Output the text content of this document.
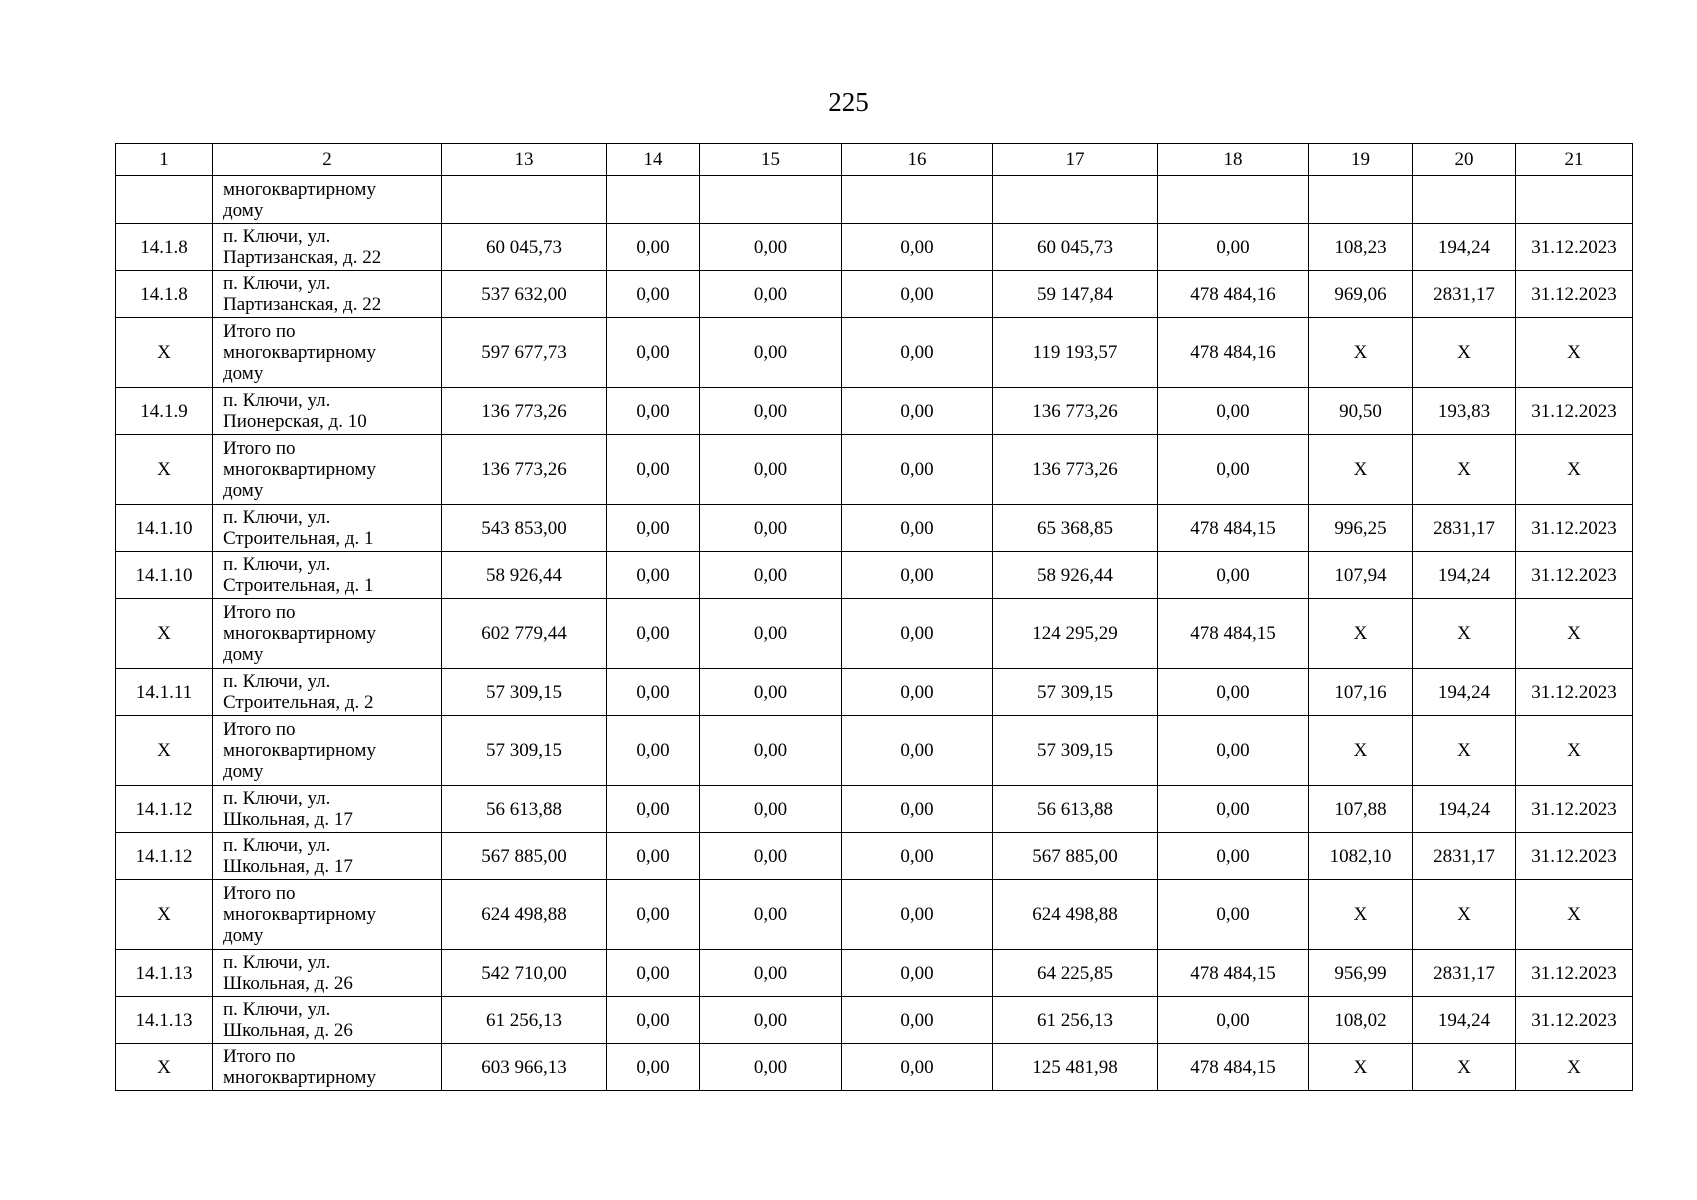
225
1	2	13	14	15	16	17	18	19	20	21
	многоквартирному
дому									
14.1.8	п. Ключи, ул.
Партизанская, д. 22	60 045,73	0,00	0,00	0,00	60 045,73	0,00	108,23	194,24	31.12.2023
14.1.8	п. Ключи, ул.
Партизанская, д. 22	537 632,00	0,00	0,00	0,00	59 147,84	478 484,16	969,06	2831,17	31.12.2023
Х	Итого по
многоквартирному
дому	597 677,73	0,00	0,00	0,00	119 193,57	478 484,16	Х	Х	Х
14.1.9	п. Ключи, ул.
Пионерская, д. 10	136 773,26	0,00	0,00	0,00	136 773,26	0,00	90,50	193,83	31.12.2023
Х	Итого по
многоквартирному
дому	136 773,26	0,00	0,00	0,00	136 773,26	0,00	Х	Х	Х
14.1.10	п. Ключи, ул.
Строительная, д. 1	543 853,00	0,00	0,00	0,00	65 368,85	478 484,15	996,25	2831,17	31.12.2023
14.1.10	п. Ключи, ул.
Строительная, д. 1	58 926,44	0,00	0,00	0,00	58 926,44	0,00	107,94	194,24	31.12.2023
Х	Итого по
многоквартирному
дому	602 779,44	0,00	0,00	0,00	124 295,29	478 484,15	Х	Х	Х
14.1.11	п. Ключи, ул.
Строительная, д. 2	57 309,15	0,00	0,00	0,00	57 309,15	0,00	107,16	194,24	31.12.2023
Х	Итого по
многоквартирному
дому	57 309,15	0,00	0,00	0,00	57 309,15	0,00	Х	Х	Х
14.1.12	п. Ключи, ул.
Школьная, д. 17	56 613,88	0,00	0,00	0,00	56 613,88	0,00	107,88	194,24	31.12.2023
14.1.12	п. Ключи, ул.
Школьная, д. 17	567 885,00	0,00	0,00	0,00	567 885,00	0,00	1082,10	2831,17	31.12.2023
Х	Итого по
многоквартирному
дому	624 498,88	0,00	0,00	0,00	624 498,88	0,00	Х	Х	Х
14.1.13	п. Ключи, ул.
Школьная, д. 26	542 710,00	0,00	0,00	0,00	64 225,85	478 484,15	956,99	2831,17	31.12.2023
14.1.13	п. Ключи, ул.
Школьная, д. 26	61 256,13	0,00	0,00	0,00	61 256,13	0,00	108,02	194,24	31.12.2023
Х	Итого по
многоквартирному	603 966,13	0,00	0,00	0,00	125 481,98	478 484,15	Х	Х	Х
